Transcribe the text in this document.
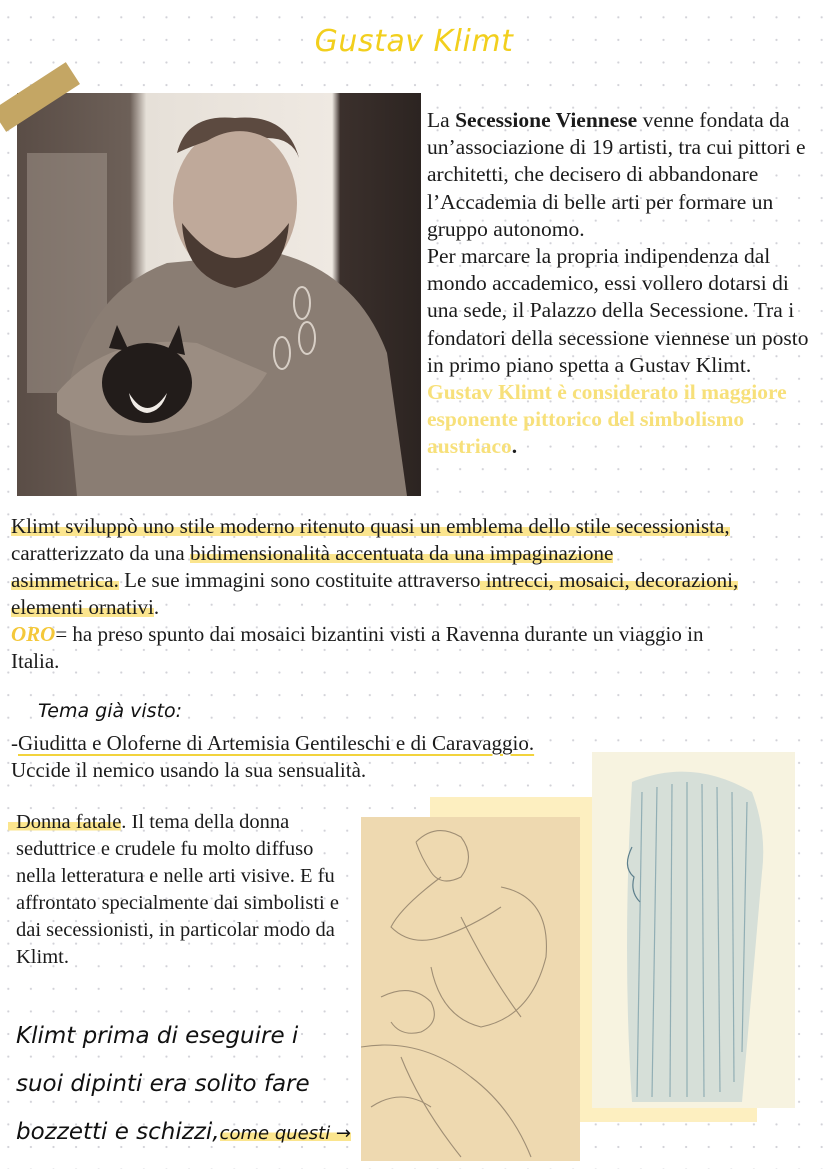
Gustav Klimt

La Secessione Viennese venne fondata da un’associazione di 19 artisti, tra cui pittori e architetti, che decisero di abbandonare l’Accademia di belle arti per formare un gruppo autonomo.
Per marcare la propria indipendenza dal mondo accademico, essi vollero dotarsi di una sede, il Palazzo della Secessione. Tra i fondatori della secessione viennese un posto in primo piano spetta a Gustav Klimt. Gustav Klimt è considerato il maggiore esponente pittorico del simbolismo austriaco.

Klimt sviluppò uno stile moderno ritenuto quasi un emblema dello stile secessionista,
caratterizzato da una bidimensionalità accentuata da una impaginazione
asimmetrica. Le sue immagini sono costituite attraverso intrecci, mosaici, decorazioni,
elementi ornativi.
ORO= ha preso spunto dai mosaici bizantini visti a Ravenna durante un viaggio in
Italia.

Tema già visto:

-Giuditta e Oloferne di Artemisia Gentileschi e di Caravaggio.
Uccide il nemico usando la sua sensualità.

Donna fatale. Il tema della donna seduttrice e crudele fu molto diffuso nella letteratura e nelle arti visive. E fu affrontato specialmente dai simbolisti e dai secessionisti, in particolar modo da Klimt.

Klimt prima di eseguire i
suoi dipinti era solito fare
bozzetti e schizzi,come questi →
